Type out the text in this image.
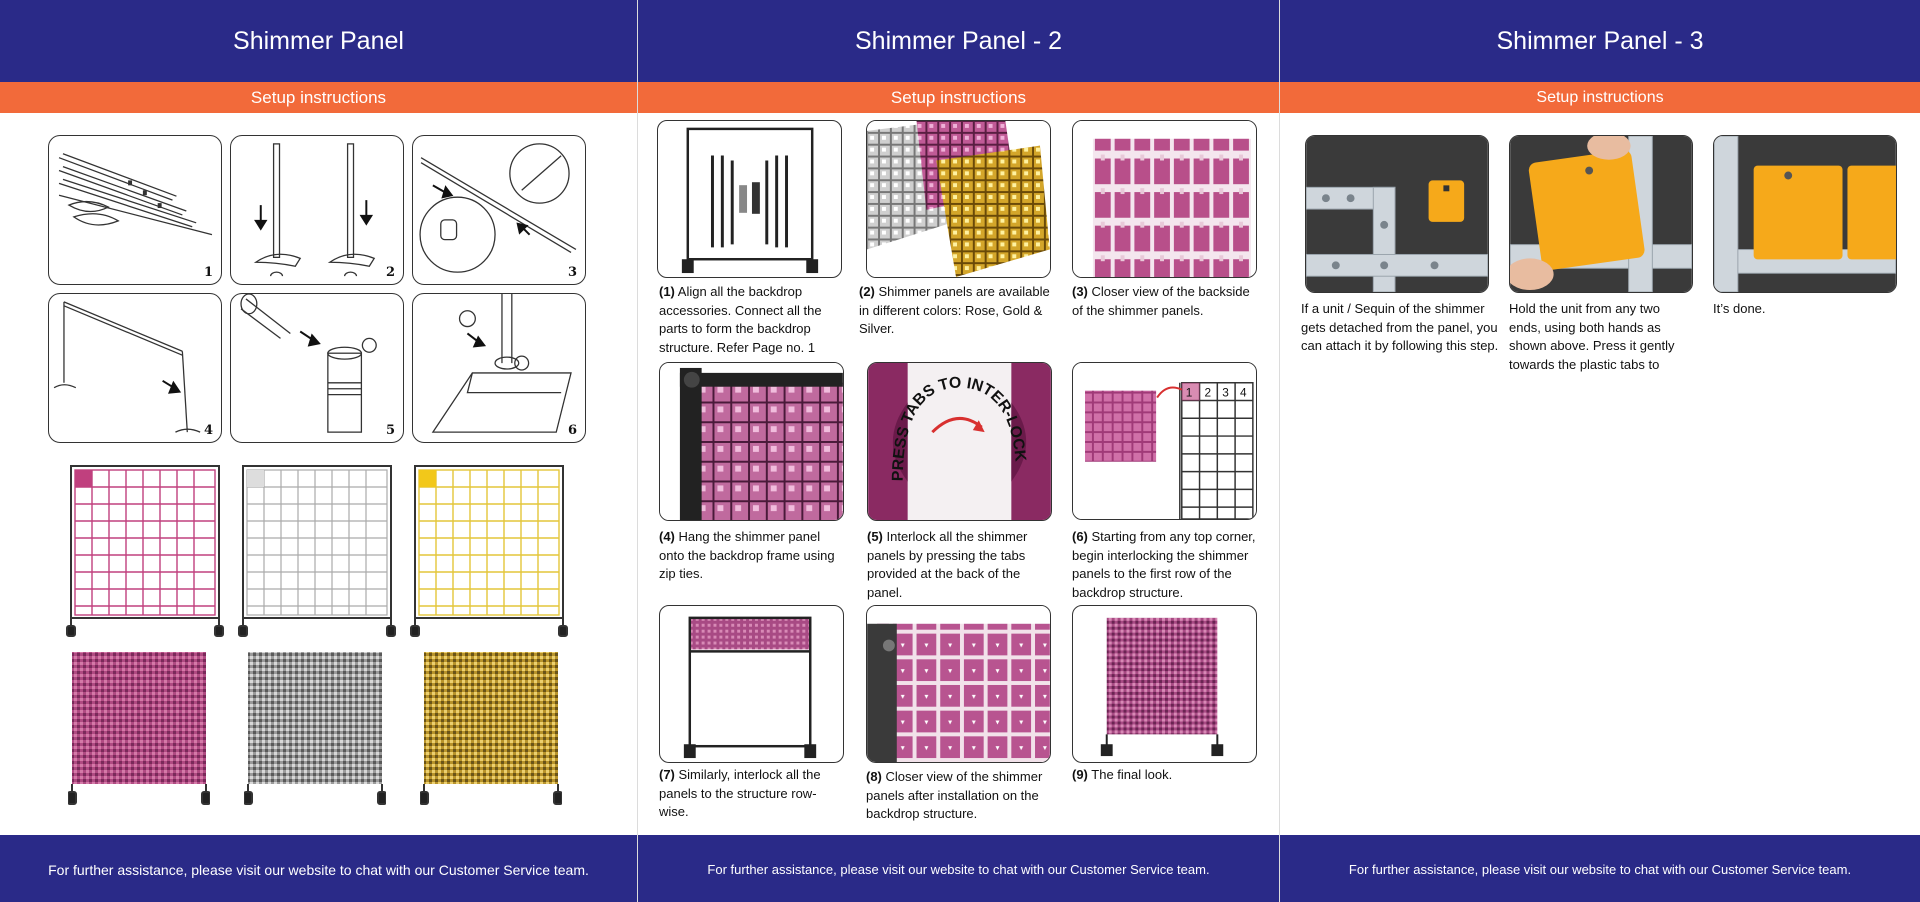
Shimmer Panel
Setup instructions
1	2	3
4	5	6
For further assistance, please visit our website to chat with our Customer Service team.
Shimmer Panel - 2
Setup instructions
(1) Align all the backdrop accessories. Connect all the parts to form the backdrop structure. Refer Page no. 1
(2) Shimmer panels are available in different colors: Rose, Gold & Silver.
(3) Closer view of the backside of the shimmer panels.
PRESS TABS TO INTER-LOCK
1 2 3 4
(4) Hang the shimmer panel onto the backdrop frame using zip ties.
(5) Interlock all the shimmer panels by pressing the tabs provided at the back of the panel.
(6) Starting from any top corner, begin interlocking the shimmer panels to the first row of the backdrop structure.
(7) Similarly, interlock all the panels to the structure row-wise.
(8) Closer view of the shimmer panels after installation on the backdrop structure.
(9) The final look.
For further assistance, please visit our website to chat with our Customer Service team.
Shimmer Panel - 3
Setup instructions
If a unit / Sequin of the shimmer gets detached from the panel, you can attach it by following this step.
Hold the unit from any two ends, using both hands as shown above. Press it gently towards the plastic tabs to
It’s done.
For further assistance, please visit our website to chat with our Customer Service team.
